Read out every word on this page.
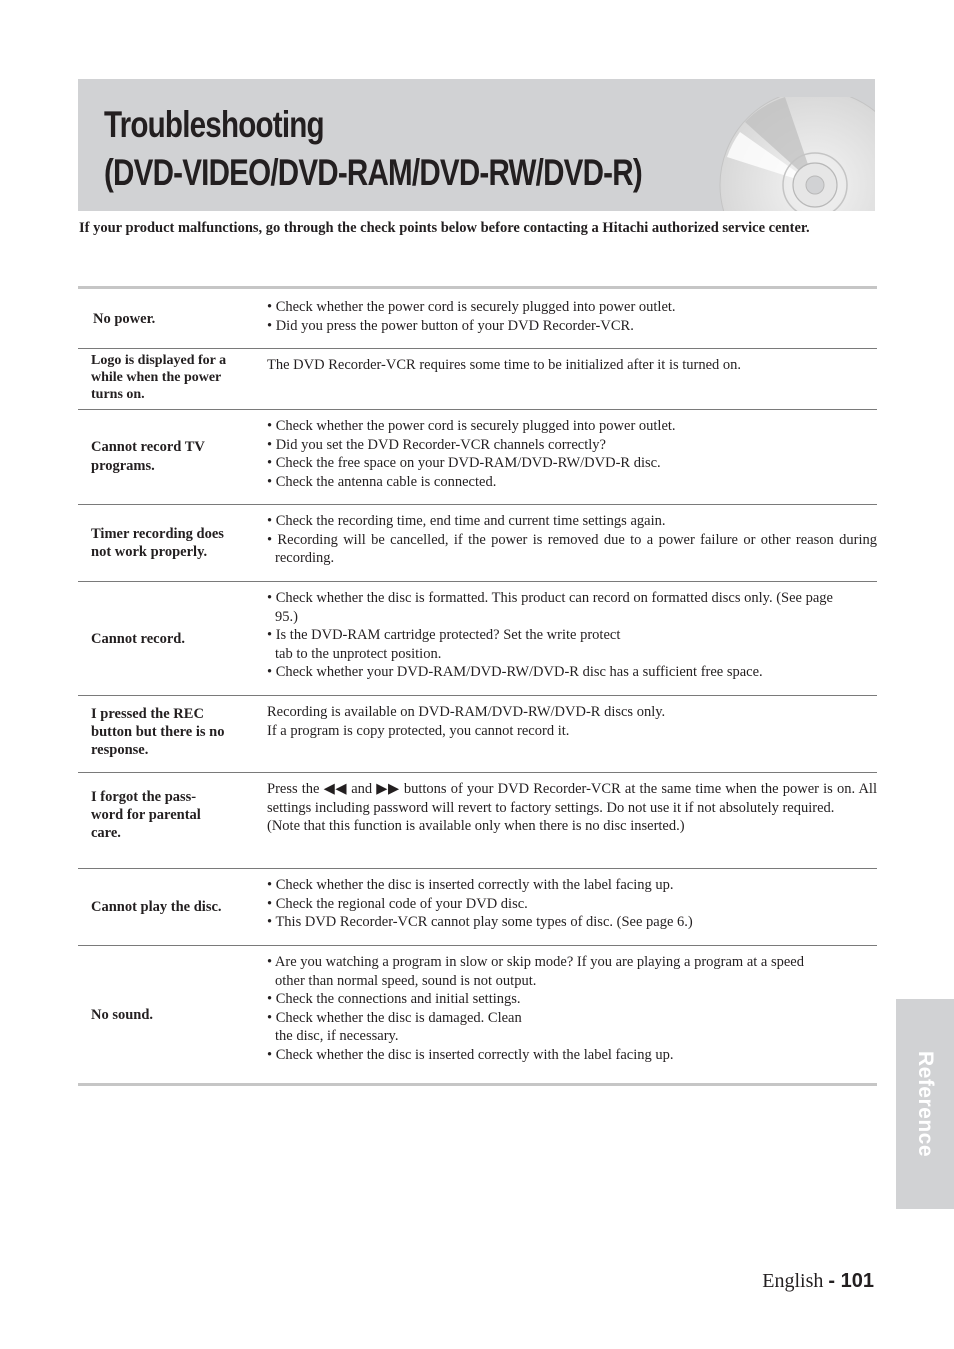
Troubleshooting
(DVD-VIDEO/DVD-RAM/DVD-RW/DVD-R)

If your product malfunctions, go through the check points below before contacting a Hitachi authorized service center.

No power.
• Check whether the power cord is securely plugged into power outlet.
• Did you press the power button of your DVD Recorder-VCR.
Logo is displayed for a while when the power turns on.
The DVD Recorder-VCR requires some time to be initialized after it is turned on.
Cannot record TV programs.
• Check whether the power cord is securely plugged into power outlet.
• Did you set the DVD Recorder-VCR channels correctly?
• Check the free space on your DVD-RAM/DVD-RW/DVD-R disc.
• Check the antenna cable is connected.
Timer recording does not work properly.
• Check the recording time, end time and current time settings again.
• Recording will be cancelled, if the power is removed due to a power failure or other reason during recording.
Cannot record.
• Check whether the disc is formatted. This product can record on formatted discs only. (See page 95.)
• Is the DVD-RAM cartridge protected? Set the write protect tab to the unprotect position.
• Check whether your DVD-RAM/DVD-RW/DVD-R disc has a sufficient free space.
I pressed the REC button but there is no response.
Recording is available on DVD-RAM/DVD-RW/DVD-R discs only.
If a program is copy protected, you cannot record it.
I forgot the pass-word for parental care.
Press the ◀◀ and ▶▶ buttons of your DVD Recorder-VCR at the same time when the power is on. All settings including password will revert to factory settings. Do not use it if not absolutely required.
(Note that this function is available only when there is no disc inserted.)
Cannot play the disc.
• Check whether the disc is inserted correctly with the label facing up.
• Check the regional code of your DVD disc.
• This DVD Recorder-VCR cannot play some types of disc. (See page 6.)
No sound.
• Are you watching a program in slow or skip mode? If you are playing a program at a speed other than normal speed, sound is not output.
• Check the connections and initial settings.
• Check whether the disc is damaged. Clean the disc, if necessary.
• Check whether the disc is inserted correctly with the label facing up.	Reference
English - 101
